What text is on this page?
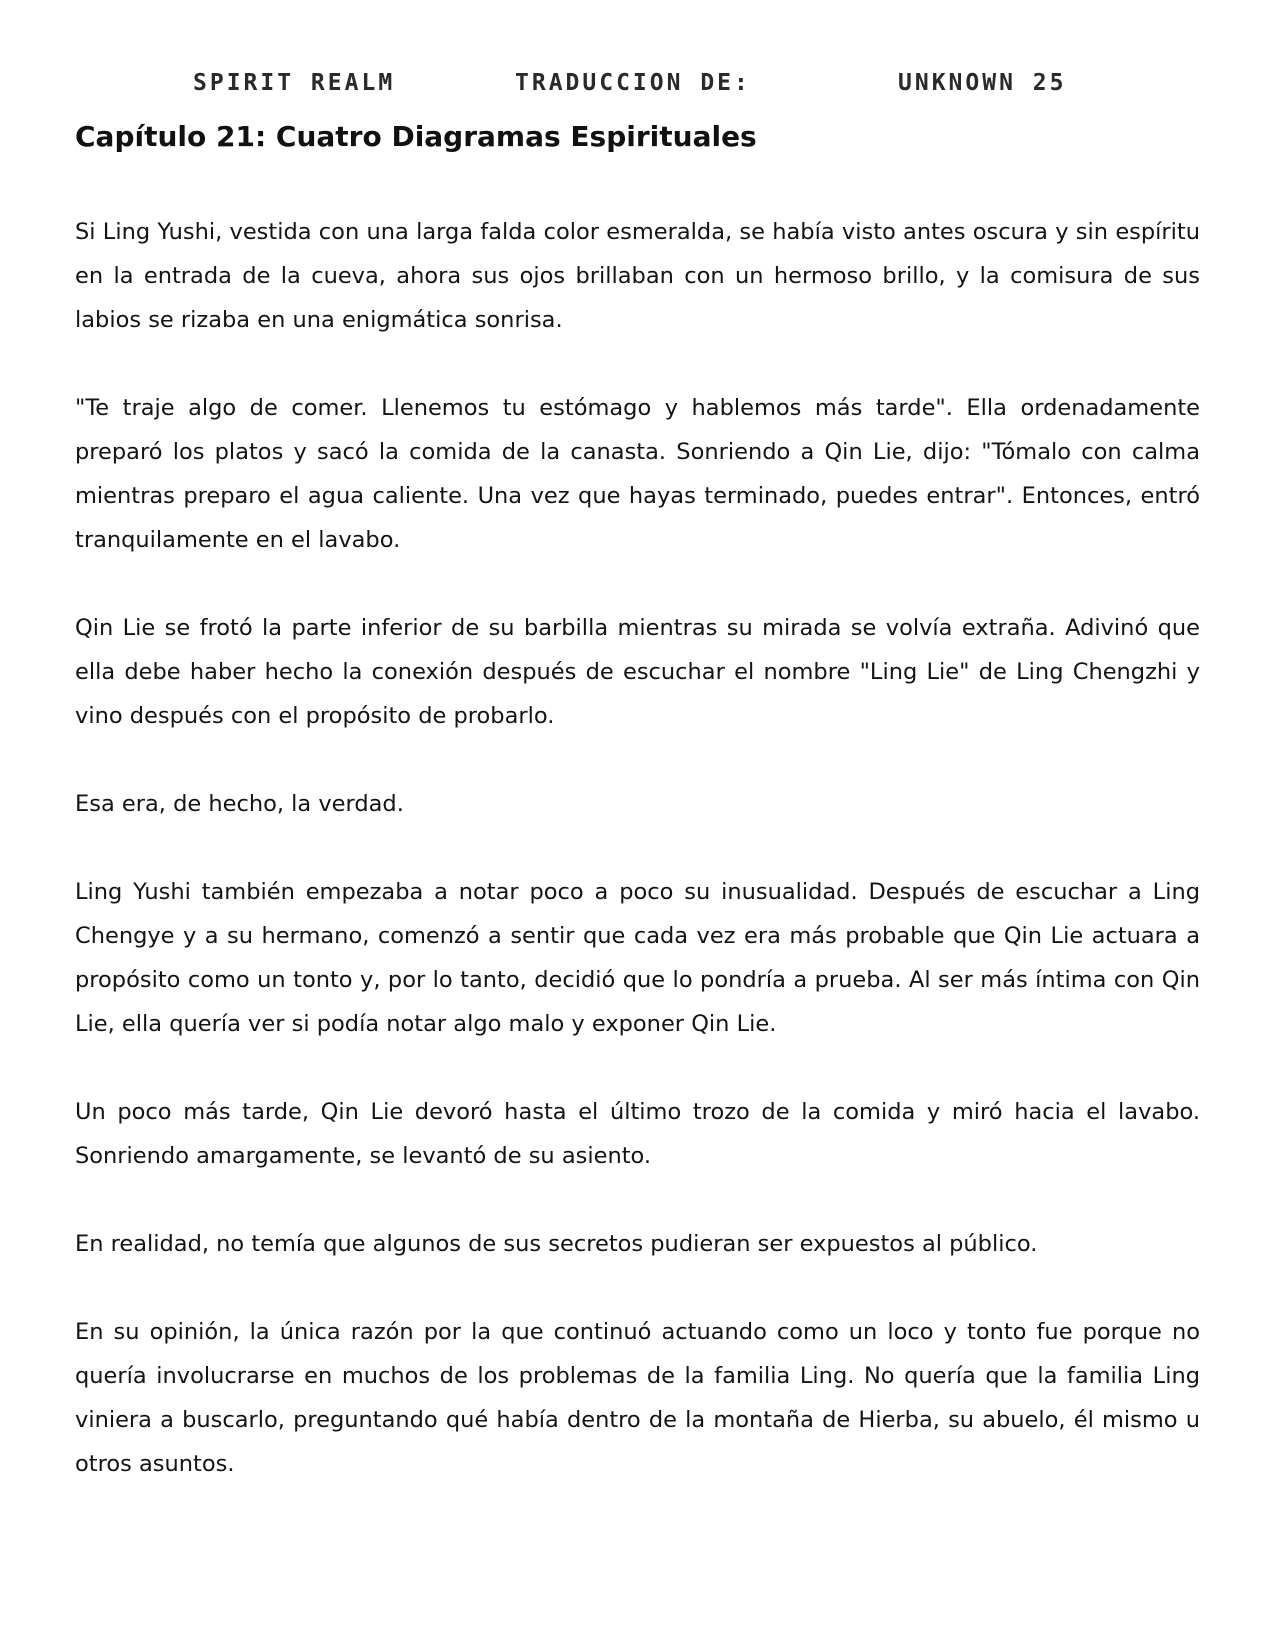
SPIRIT REALM	TRADUCCION DE:	UNKNOWN 25
Capítulo 21: Cuatro Diagramas Espirituales

Si Ling Yushi, vestida con una larga falda color esmeralda, se había visto antes oscura y sin espíritu en la entrada de la cueva, ahora sus ojos brillaban con un hermoso brillo, y la comisura de sus labios se rizaba en una enigmática sonrisa.

"Te traje algo de comer. Llenemos tu estómago y hablemos más tarde". Ella ordenadamente preparó los platos y sacó la comida de la canasta. Sonriendo a Qin Lie, dijo: "Tómalo con calma mientras preparo el agua caliente. Una vez que hayas terminado, puedes entrar". Entonces, entró tranquilamente en el lavabo.

Qin Lie se frotó la parte inferior de su barbilla mientras su mirada se volvía extraña. Adivinó que ella debe haber hecho la conexión después de escuchar el nombre "Ling Lie" de Ling Chengzhi y vino después con el propósito de probarlo.

Esa era, de hecho, la verdad.

Ling Yushi también empezaba a notar poco a poco su inusualidad. Después de escuchar a Ling Chengye y a su hermano, comenzó a sentir que cada vez era más probable que Qin Lie actuara a propósito como un tonto y, por lo tanto, decidió que lo pondría a prueba. Al ser más íntima con Qin Lie, ella quería ver si podía notar algo malo y exponer Qin Lie.

Un poco más tarde, Qin Lie devoró hasta el último trozo de la comida y miró hacia el lavabo. Sonriendo amargamente, se levantó de su asiento.

En realidad, no temía que algunos de sus secretos pudieran ser expuestos al público.

En su opinión, la única razón por la que continuó actuando como un loco y tonto fue porque no quería involucrarse en muchos de los problemas de la familia Ling. No quería que la familia Ling viniera a buscarlo, preguntando qué había dentro de la montaña de Hierba, su abuelo, él mismo u otros asuntos.
